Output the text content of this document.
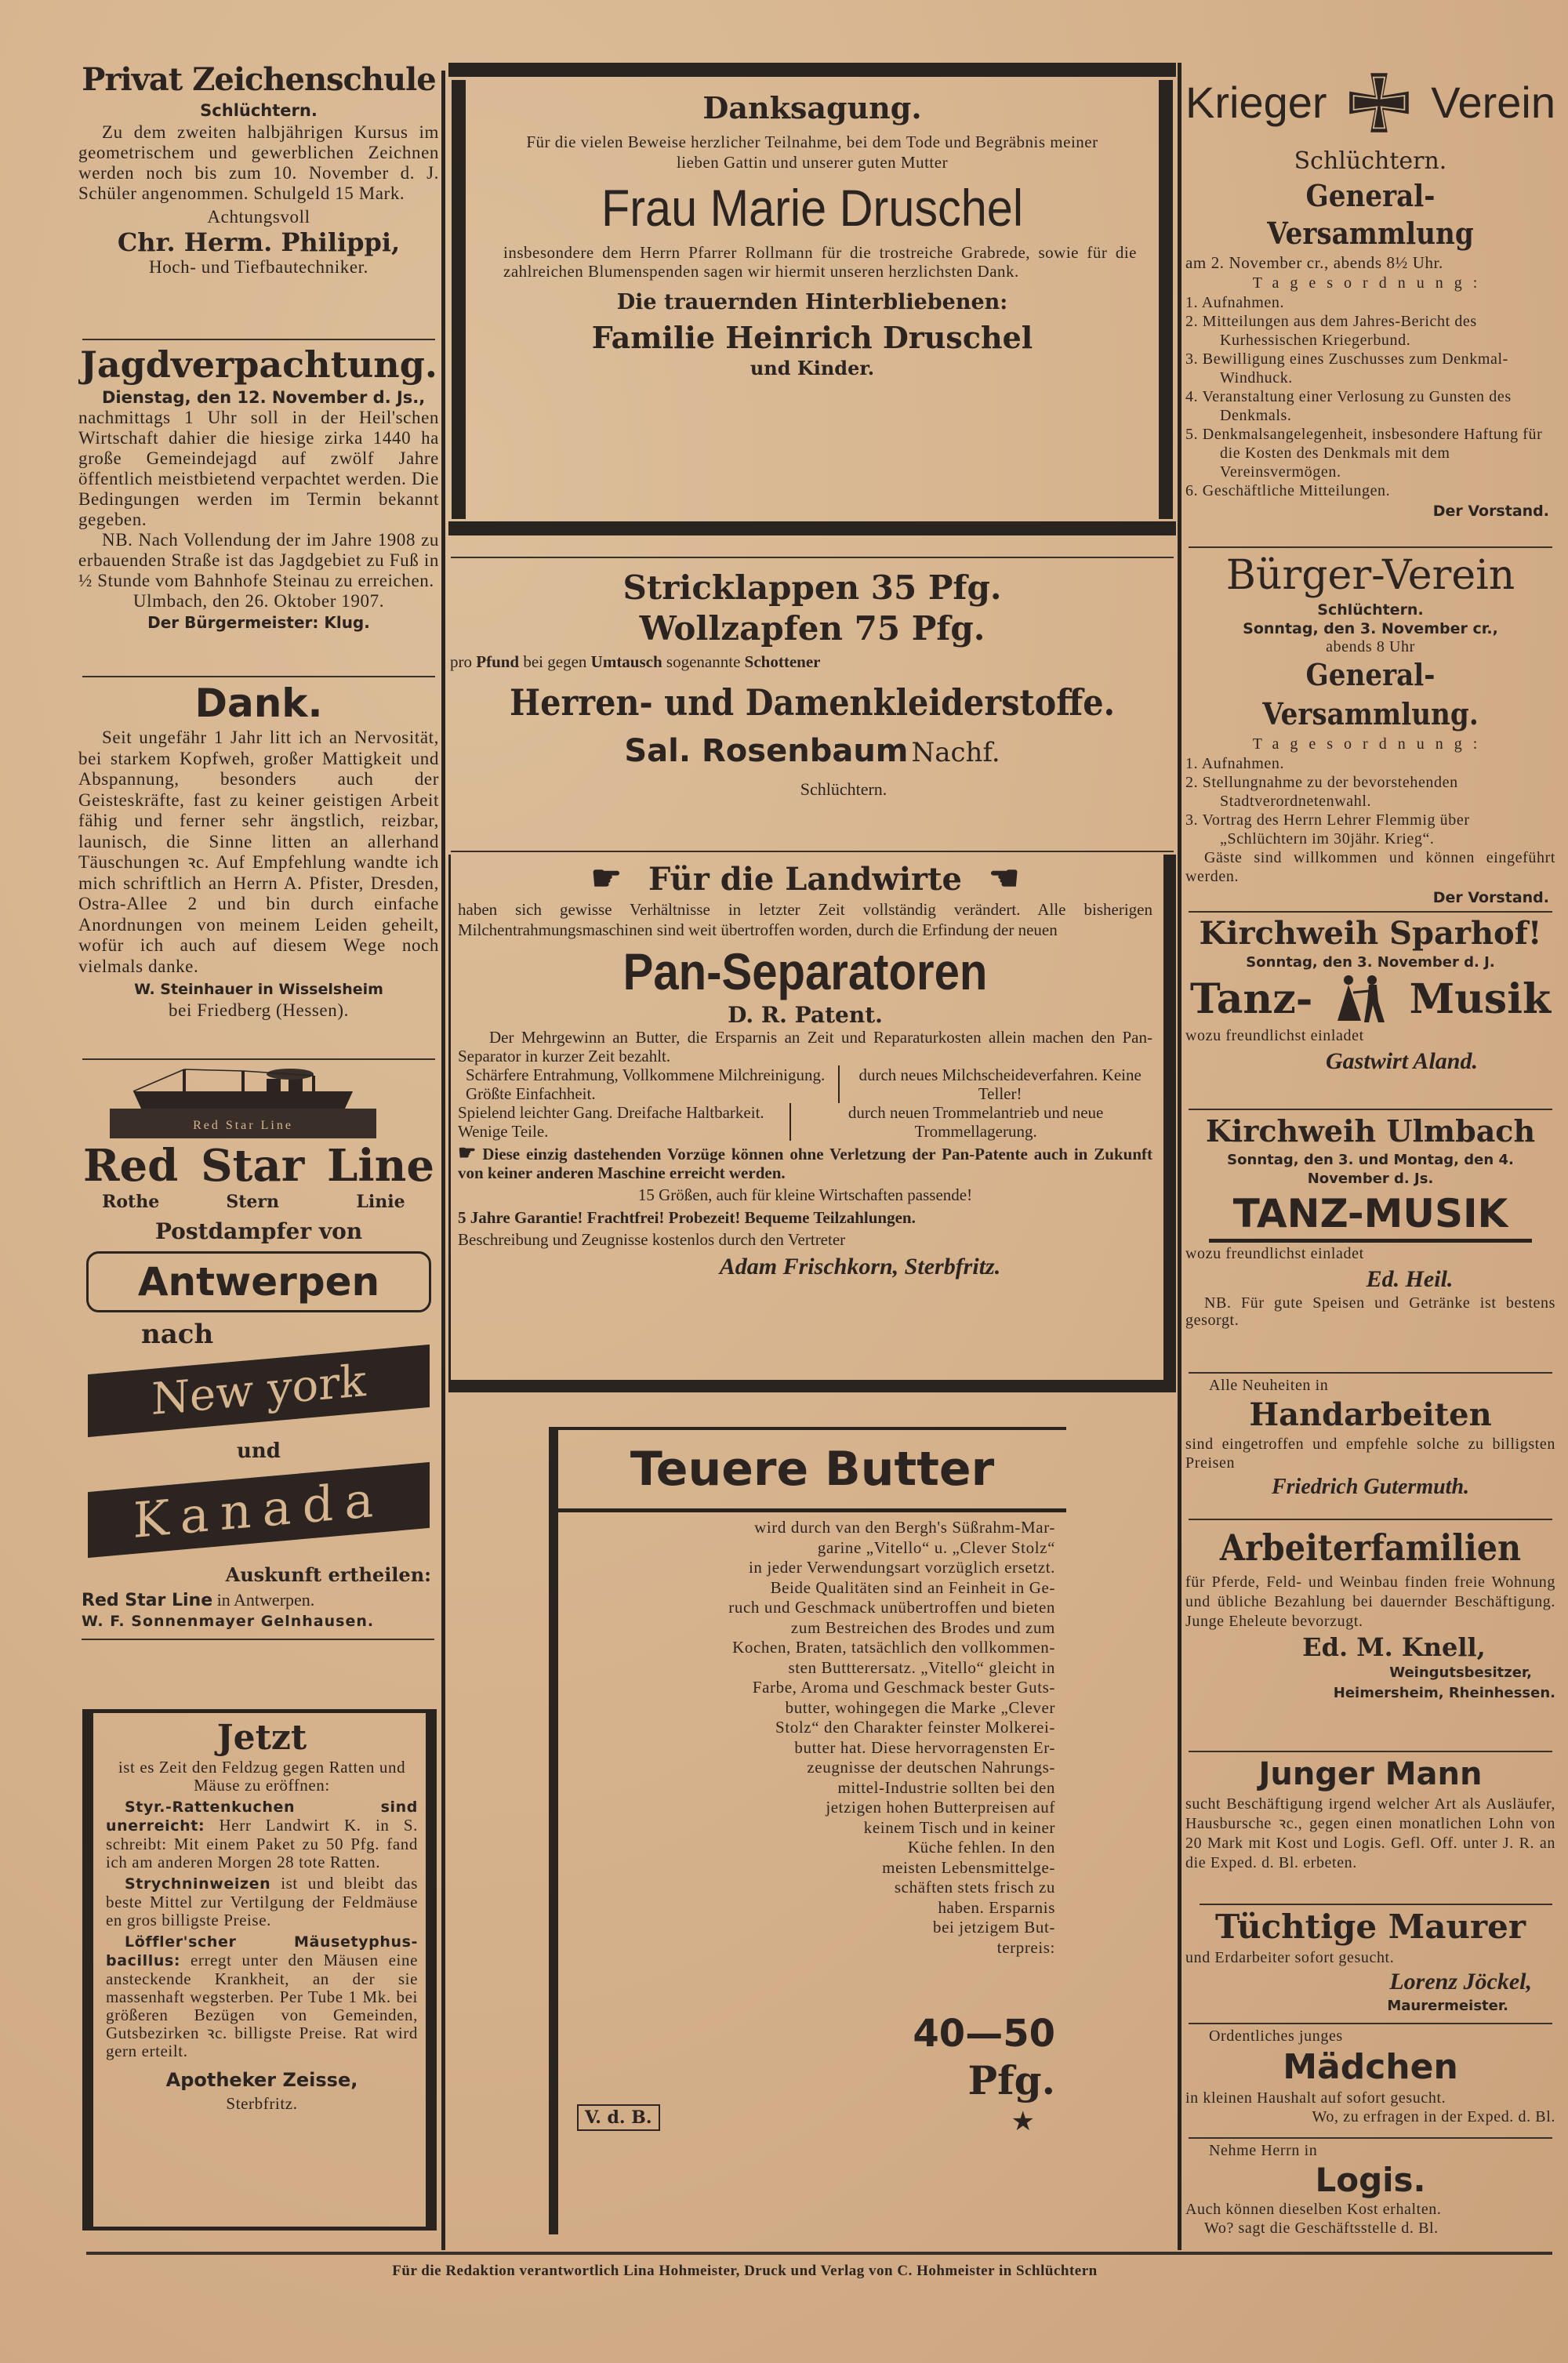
Privat Zeichenschule
Schlüchtern.
Zu dem zweiten halbjährigen Kursus im geometrischem und gewerblichen Zeichnen werden noch bis zum 10. November d. J. Schüler angenommen. Schulgeld 15 Mark.
Achtungsvoll
Chr. Herm. Philippi,
Hoch- und Tiefbautechniker.
Jagdverpachtung.
Dienstag, den 12. November d. Js.,
nachmittags 1 Uhr soll in der Heil'schen Wirtschaft dahier die hiesige zirka 1440 ha große Gemeindejagd auf zwölf Jahre öffentlich meistbietend verpachtet werden. Die Bedingungen werden im Termin bekannt gegeben.
NB. Nach Vollendung der im Jahre 1908 zu erbauenden Straße ist das Jagdgebiet zu Fuß in ½ Stunde vom Bahnhofe Steinau zu erreichen.
Ulmbach, den 26. Oktober 1907.
Der Bürgermeister: Klug.
Dank.
Seit ungefähr 1 Jahr litt ich an Nervosität, bei starkem Kopfweh, großer Mattigkeit und Abspannung, besonders auch der Geisteskräfte, fast zu keiner geistigen Arbeit fähig und ferner sehr ängstlich, reizbar, launisch, die Sinne litten an allerhand Täuschungen ꝛc. Auf Empfehlung wandte ich mich schriftlich an Herrn A. Pfister, Dresden, Ostra-Allee 2 und bin durch einfache Anordnungen von meinem Leiden geheilt, wofür ich auch auf diesem Wege noch vielmals danke.
W. Steinhauer in Wisselsheim
bei Friedberg (Hessen).
Red Star Line
Red
Rothe
Star
Stern
Line
Linie
Postdampfer von
Antwerpen
nach
New york
und
Kanada
Auskunft ertheilen:
Red Star Line in Antwerpen.
W. F. Sonnenmayer Gelnhausen.
Jetzt
ist es Zeit den Feldzug gegen Ratten und Mäuse zu eröffnen:
Styr.-Rattenkuchen sind unerreicht: Herr Landwirt K. in S. schreibt: Mit einem Paket zu 50 Pfg. fand ich am anderen Morgen 28 tote Ratten.
Strychninweizen ist und bleibt das beste Mittel zur Vertilgung der Feldmäuse en gros billigste Preise.
Löffler'scher Mäusetyphus-bacillus: erregt unter den Mäusen eine ansteckende Krankheit, an der sie massenhaft wegsterben. Per Tube 1 Mk. bei größeren Bezügen von Gemeinden, Gutsbezirken ꝛc. billigste Preise. Rat wird gern erteilt.
Apotheker Zeisse,
Sterbfritz.
Danksagung.
Für die vielen Beweise herzlicher Teilnahme, bei dem Tode und Begräbnis meiner lieben Gattin und unserer guten Mutter
Frau Marie Druschel
insbesondere dem Herrn Pfarrer Rollmann für die trostreiche Grabrede, sowie für die zahlreichen Blumenspenden sagen wir hiermit unseren herzlichsten Dank.
Die trauernden Hinterbliebenen:
Familie Heinrich Druschel
und Kinder.
Stricklappen 35 Pfg.
Wollzapfen 75 Pfg.
pro Pfund bei gegen Umtausch sogenannte Schottener
Herren- und Damenkleiderstoffe.
Sal. Rosenbaum Nachf.
Schlüchtern.
☛ Für die Landwirte ☚
haben sich gewisse Verhältnisse in letzter Zeit vollständig verändert. Alle bisherigen Milchentrahmungsmaschinen sind weit übertroffen worden, durch die Erfindung der neuen
Pan-Separatoren
D. R. Patent.
Der Mehrgewinn an Butter, die Ersparnis an Zeit und Reparaturkosten allein machen den Pan-Separator in kurzer Zeit bezahlt.
Schärfere Entrahmung, Vollkommene Milchreinigung. Größte Einfachheit.
durch neues Milchscheideverfahren. Keine Teller!
Spielend leichter Gang. Dreifache Haltbarkeit. Wenige Teile.
durch neuen Trommelantrieb und neue Trommellagerung.
☛ Diese einzig dastehenden Vorzüge können ohne Verletzung der Pan-Patente auch in Zukunft von keiner anderen Maschine erreicht werden.
15 Größen, auch für kleine Wirtschaften passende!
5 Jahre Garantie! Frachtfrei! Probezeit! Bequeme Teilzahlungen.
Beschreibung und Zeugnisse kostenlos durch den Vertreter
Adam Frischkorn, Sterbfritz.
Teuere Butter
wird durch van den Bergh's Süßrahm-Mar-
garine „Vitello“ u. „Clever Stolz“
in jeder Verwendungsart vorzüglich ersetzt.
Beide Qualitäten sind an Feinheit in Ge-
ruch und Geschmack unübertroffen und bieten
zum Bestreichen des Brodes und zum
Kochen, Braten, tatsächlich den vollkommen-
sten Buttterersatz. „Vitello“ gleicht in
Farbe, Aroma und Geschmack bester Guts-
butter, wohingegen die Marke „Clever
Stolz“ den Charakter feinster Molkerei-
butter hat. Diese hervorragensten Er-
zeugnisse der deutschen Nahrungs-
mittel-Industrie sollten bei den
jetzigen hohen Butterpreisen auf
keinem Tisch und in keiner
Küche fehlen. In den
meisten Lebensmittelge-
schäften stets frisch zu
haben. Ersparnis
bei jetzigem But-
terpreis:
40—50
Pfg.
★
V. d. B.
Krieger Verein
Schlüchtern.
General-Versammlung
am 2. November cr., abends 8½ Uhr.
Tagesordnung:
1. Aufnahmen.
2. Mitteilungen aus dem Jahres-Bericht des Kurhessischen Kriegerbund.
3. Bewilligung eines Zuschusses zum Denkmal-Windhuck.
4. Veranstaltung einer Verlosung zu Gunsten des Denkmals.
5. Denkmalsangelegenheit, insbesondere Haftung für die Kosten des Denkmals mit dem Vereinsvermögen.
6. Geschäftliche Mitteilungen.
Der Vorstand.
Bürger-Verein
Schlüchtern.
Sonntag, den 3. November cr.,
abends 8 Uhr
General-Versammlung.
Tagesordnung:
1. Aufnahmen.
2. Stellungnahme zu der bevorstehenden Stadtverordnetenwahl.
3. Vortrag des Herrn Lehrer Flemmig über „Schlüchtern im 30jähr. Krieg“.
Gäste sind willkommen und können eingeführt werden.
Der Vorstand.
Kirchweih Sparhof!
Sonntag, den 3. November d. J.
Tanz- Musik
wozu freundlichst einladet
Gastwirt Aland.
Kirchweih Ulmbach
Sonntag, den 3. und Montag, den 4. November d. Js.
TANZ-MUSIK
wozu freundlichst einladet
Ed. Heil.
NB. Für gute Speisen und Getränke ist bestens gesorgt.
Alle Neuheiten in
Handarbeiten
sind eingetroffen und empfehle solche zu billigsten Preisen
Friedrich Gutermuth.
Arbeiterfamilien
für Pferde, Feld- und Weinbau finden freie Wohnung und übliche Bezahlung bei dauernder Beschäftigung. Junge Eheleute bevorzugt.
Ed. M. Knell,
Weingutsbesitzer,
Heimersheim, Rheinhessen.
Junger Mann
sucht Beschäftigung irgend welcher Art als Ausläufer, Hausbursche ꝛc., gegen einen monatlichen Lohn von 20 Mark mit Kost und Logis. Gefl. Off. unter J. R. an die Exped. d. Bl. erbeten.
Tüchtige Maurer
und Erdarbeiter sofort gesucht.
Lorenz Jöckel,
Maurermeister.
Ordentliches junges
Mädchen
in kleinen Haushalt auf sofort gesucht.
Wo, zu erfragen in der Exped. d. Bl.
Nehme Herrn in
Logis.
Auch können dieselben Kost erhalten.
Wo? sagt die Geschäftsstelle d. Bl.
Für die Redaktion verantwortlich Lina Hohmeister, Druck und Verlag von C. Hohmeister in Schlüchtern
